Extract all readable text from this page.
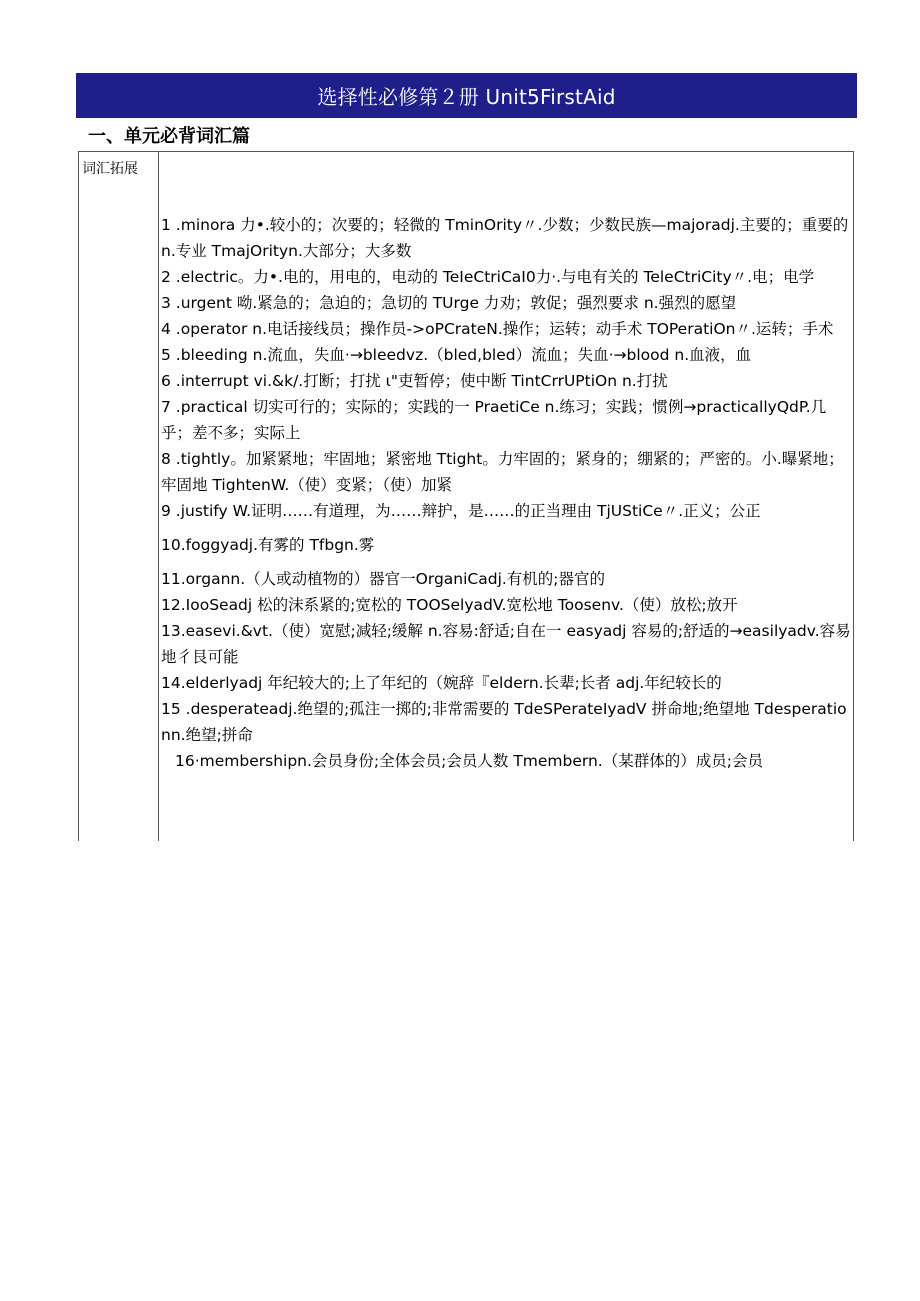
选择性必修第２册 Unit5FirstAid
一、单元必背词汇篇
词汇拓展
1 .minora 力•.较小的；次要的；轻微的 TminOrity〃.少数；少数民族—majoradj.主要的；重要的 n.专业 TmajOrityn.大部分；大多数
2 .electric。力•.电的，用电的，电动的 TeIeCtriCaI0力·.与电有关的 TeleCtriCity〃.电；电学
3 .urgent 呦.紧急的；急迫的；急切的 TUrge 力劝；敦促；强烈要求 n.强烈的愿望
4 .operator n.电话接线员；操作员->oPCrateN.操作；运转；动手术 TOPeratiOn〃.运转；手术
5 .bleeding n.流血，失血·→bleedvz.（bled,bled）流血；失血·→blood n.血液，血
6 .interrupt vi.&k/.打断；打扰 ι"吏暂停；使中断 TintCrrUPtiOn n.打扰
7 .practical 切实可行的；实际的；实践的一 PraetiCe n.练习；实践；惯例→practicallyQdP.几乎；差不多；实际上
8 .tightly。加紧紧地；牢固地；紧密地 Ttight。力牢固的；紧身的；绷紧的；严密的。小.曝紧地；牢固地 TightenW.（使）变紧；（使）加紧
9 .justify W.证明……有道理，为……辩护，是……的正当理由 TjUStiCe〃.正义；公正
10.foggyadj.有雾的 Tfbgn.雾
11.organn.（人或动植物的）器官一OrganiCadj.有机的;器官的
12.IooSeadj 松的沫系紧的;宽松的 TOOSelyadV.宽松地 Toosenv.（使）放松;放开
13.easevi.&vt.（使）宽慰;减轻;缓解 n.容易:舒适;自在一 easyadj 容易的;舒适的→easilyadv.容易地彳艮可能
14.elderlyadj 年纪较大的;上了年纪的（婉辞『eldern.长辈;长者 adj.年纪较长的
15 .desperateadj.绝望的;孤注一掷的;非常需要的 TdeSPerateIyadV 拼命地;绝望地 Tdesperationn.绝望;拼命
16·membershipn.会员身份;全体会员;会员人数 Tmembern.（某群体的）成员;会员
